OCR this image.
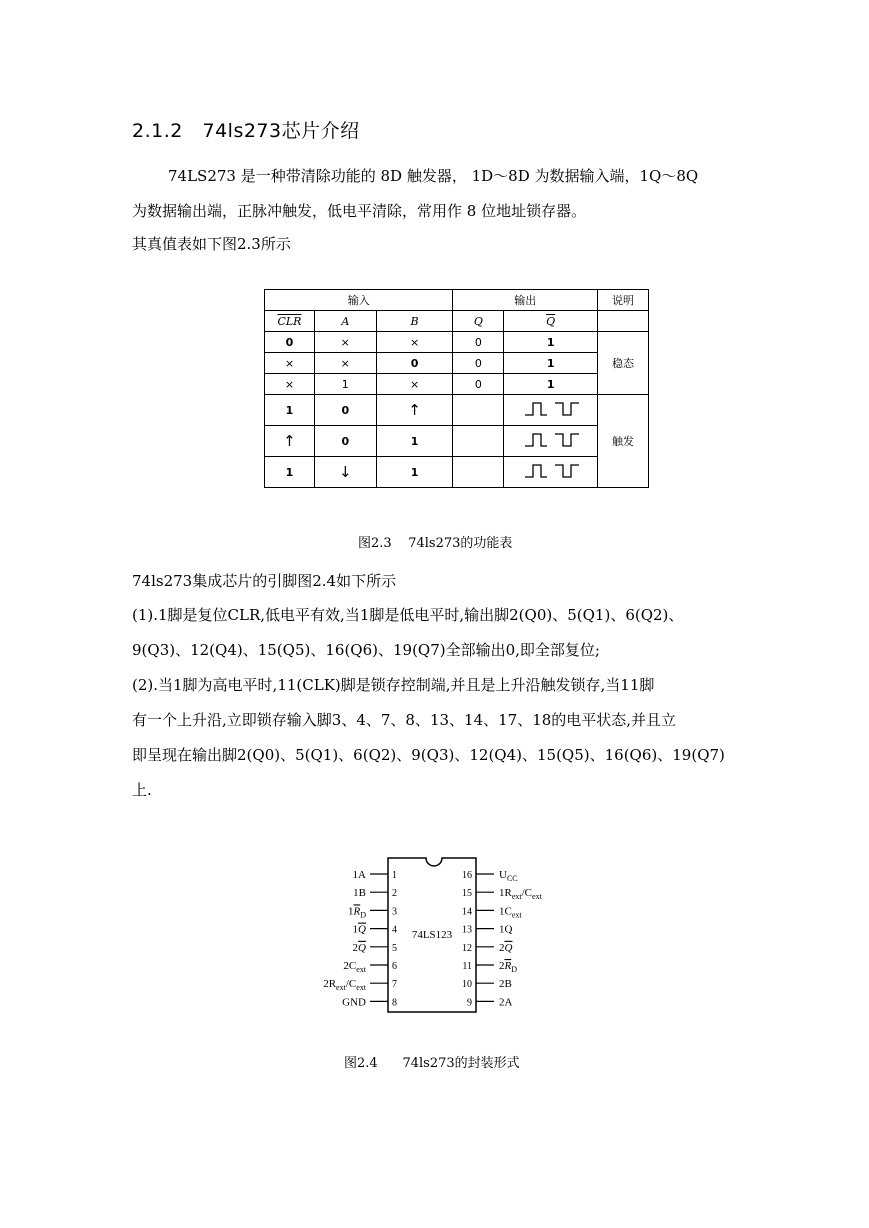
2.1.2 74ls273芯片介绍
74LS273 是一种带清除功能的 8D 触发器， 1D～8D 为数据输入端，1Q～8Q
为数据输出端，正脉冲触发，低电平清除，常用作 8 位地址锁存器。
其真值表如下图2.3所示
输入			输出		说明
$\overline{CLR}$	A	B	Q	$\overline{Q}$	
0	×	×	0	1	稳态
×	×	0	0	1	
×	1	×	0	1	
1	0	↑			触发
↑	0	1		
1	↓	1		
图2.3    74ls273的功能表
74ls273集成芯片的引脚图2.4如下所示
(1).1脚是复位CLR,低电平有效,当1脚是低电平时,输出脚2(Q0)、5(Q1)、6(Q2)、
9(Q3)、12(Q4)、15(Q5)、16(Q6)、19(Q7)全部输出0,即全部复位;
(2).当1脚为高电平时,11(CLK)脚是锁存控制端,并且是上升沿触发锁存,当11脚
有一个上升沿,立即锁存输入脚3、4、7、8、13、14、17、18的电平状态,并且立
即呈现在输出脚2(Q0)、5(Q1)、6(Q2)、9(Q3)、12(Q4)、15(Q5)、16(Q6)、19(Q7)
上.
74LS123
1
1A
2
1B
3
$1R_D$
4
1Q
5
2Q
6
$2C_{ext}$
7
$2R_{ext}/C_{ext}$
8
GND
16 $U_{CC}$
15 $1R_{ext}/C_{ext}$
14 $1C_{ext}$
13 1Q
12 2Q
11 $2R_D$
10 2B
9 2A
图2.4      74ls273的封装形式
